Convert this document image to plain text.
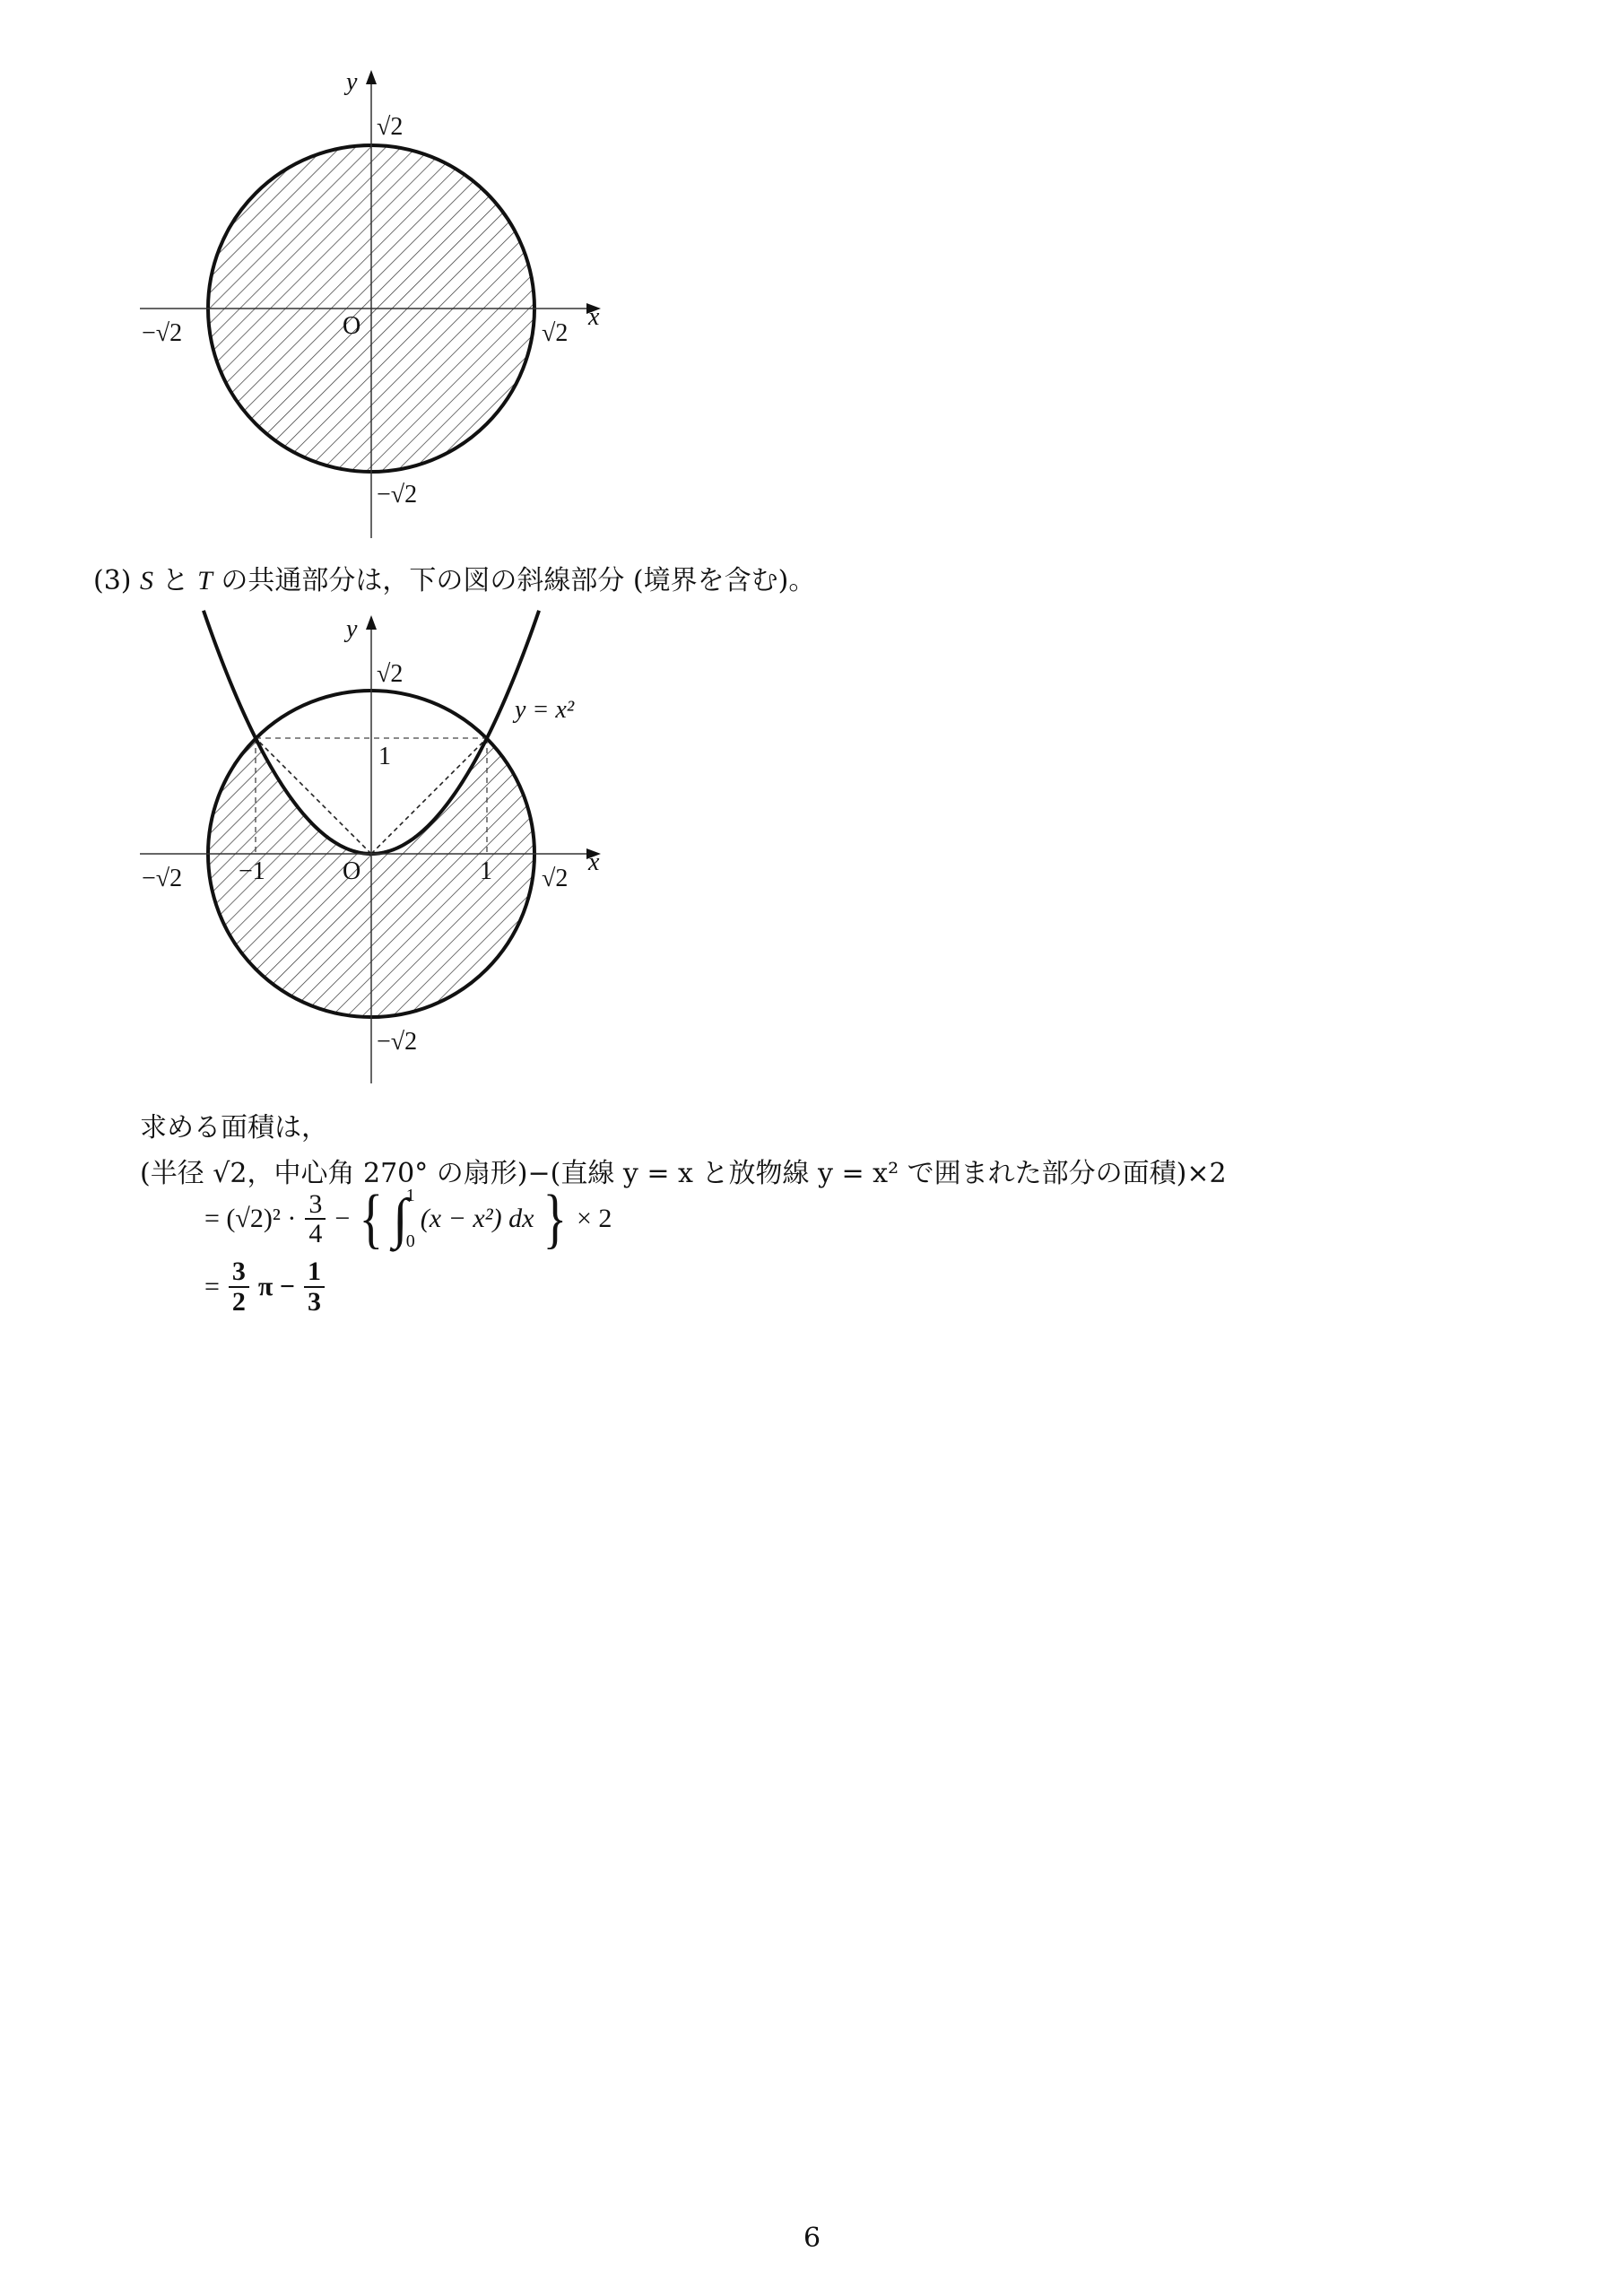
y
x
√2
O
−√2	√2
−√2
(3) S と T の共通部分は，下の図の斜線部分 (境界を含む)。
y
x
√2
1
y = x²
O
−√2 −1	1 √2
−√2
求める面積は，
(半径 √2，中心角 270° の扇形)−(直線 y = x と放物線 y = x² で囲まれた部分の面積)×2
= $(√2)^2 \cdot \frac{3}{4}$ − { ∫
1
0
(x − x²) dx } × 2
= $\frac{3}{2}$ $\pi - \frac{1}{3}$
6
